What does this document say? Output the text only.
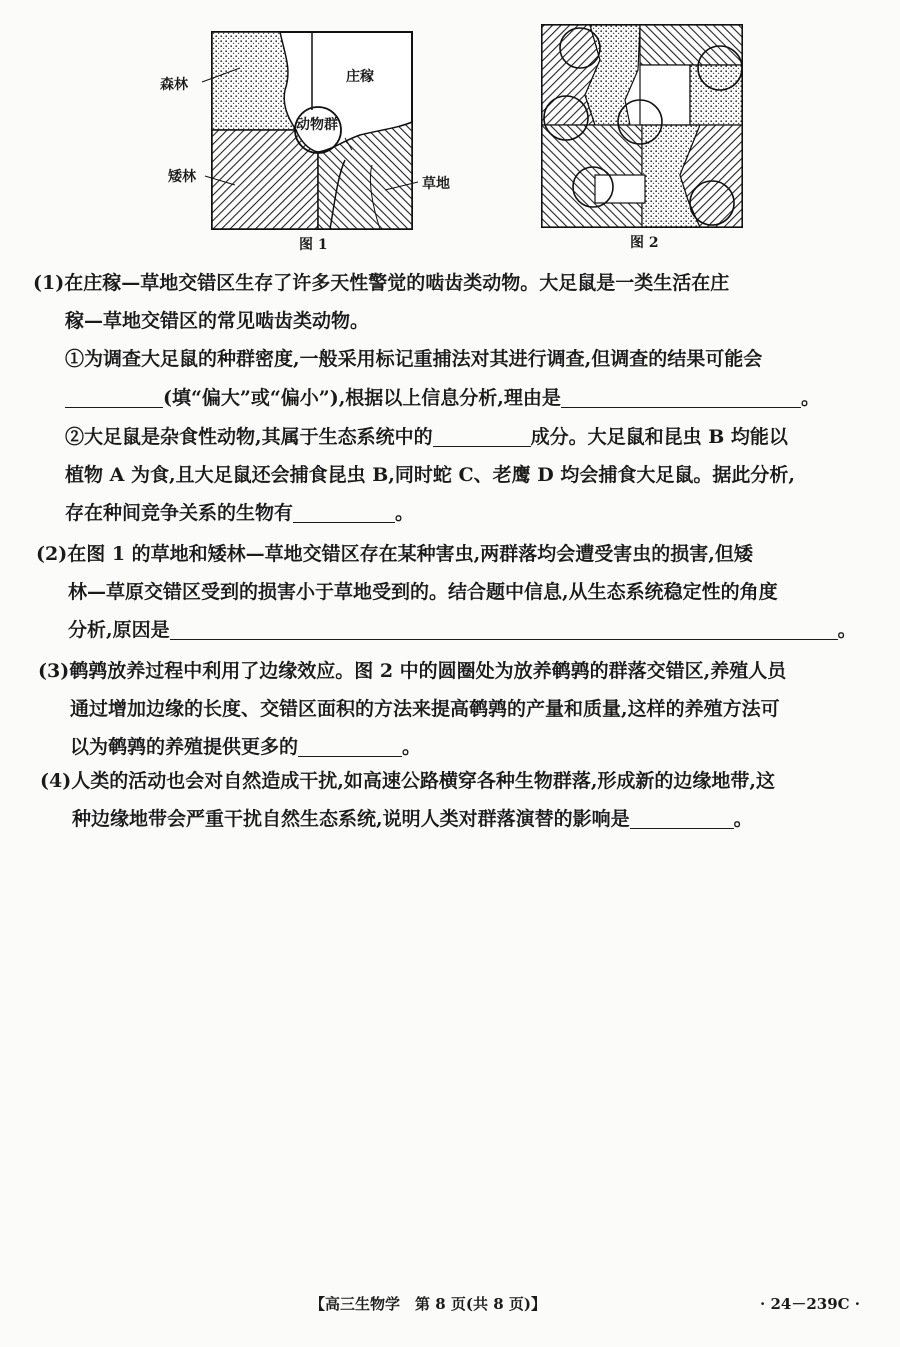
森林	庄稼
动物群
矮林	草地
图 1	图 2
(1)在庄稼—草地交错区生存了许多天性警觉的啮齿类动物。大足鼠是一类生活在庄
稼—草地交错区的常见啮齿类动物。
①为调查大足鼠的种群密度,一般采用标记重捕法对其进行调查,但调查的结果可能会
(填“偏大”或“偏小”),根据以上信息分析,理由是	。
②大足鼠是杂食性动物,其属于生态系统中的	成分。大足鼠和昆虫 B 均能以
植物 A 为食,且大足鼠还会捕食昆虫 B,同时蛇 C、老鹰 D 均会捕食大足鼠。据此分析,
存在种间竞争关系的生物有	。
(2)在图 1 的草地和矮林—草地交错区存在某种害虫,两群落均会遭受害虫的损害,但矮
林—草原交错区受到的损害小于草地受到的。结合题中信息,从生态系统稳定性的角度
分析,原因是	。
(3)鹌鹑放养过程中利用了边缘效应。图 2 中的圆圈处为放养鹌鹑的群落交错区,养殖人员
通过增加边缘的长度、交错区面积的方法来提高鹌鹑的产量和质量,这样的养殖方法可
以为鹌鹑的养殖提供更多的	。
(4)人类的活动也会对自然造成干扰,如高速公路横穿各种生物群落,形成新的边缘地带,这
种边缘地带会严重干扰自然生态系统,说明人类对群落演替的影响是	。
【高三生物学　第 8 页(共 8 页)】	· 24－239C ·
